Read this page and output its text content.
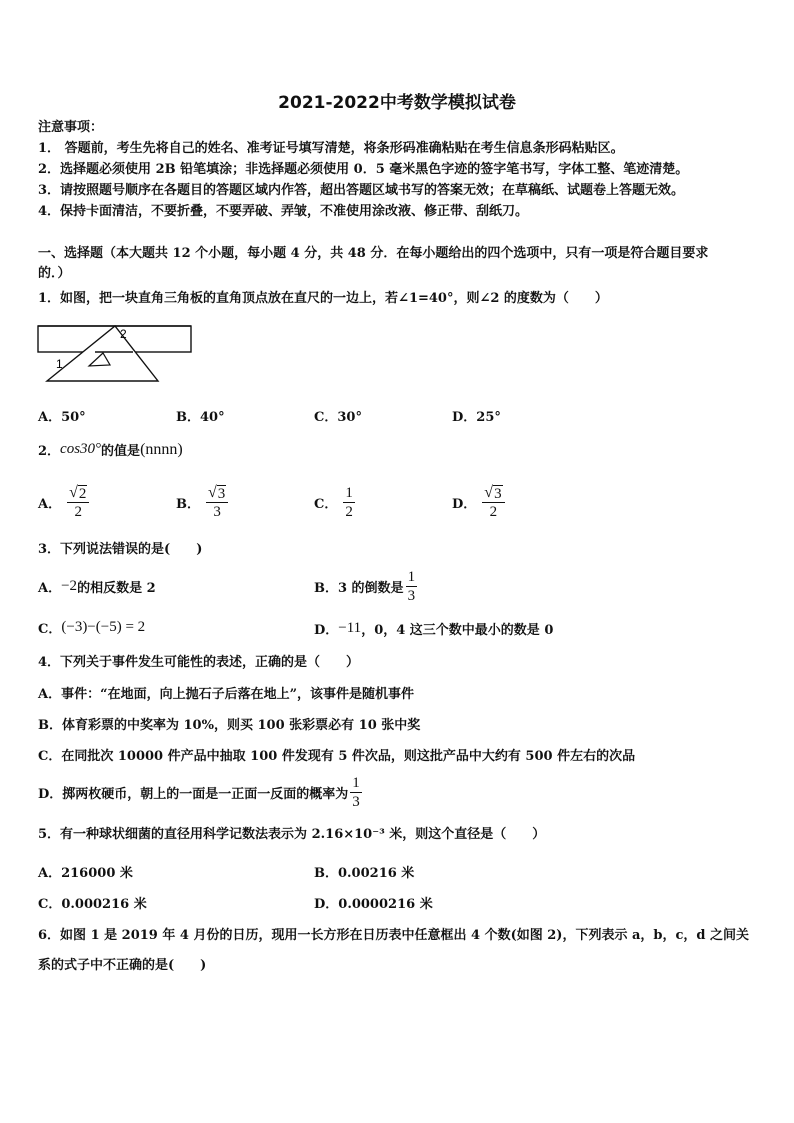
2021-2022中考数学模拟试卷
注意事项：
1． 答题前，考生先将自己的姓名、准考证号填写清楚，将条形码准确粘贴在考生信息条形码粘贴区。
2．选择题必须使用 2B 铅笔填涂；非选择题必须使用 0．5 毫米黑色字迹的签字笔书写，字体工整、笔迹清楚。
3．请按照题号顺序在各题目的答题区域内作答，超出答题区域书写的答案无效；在草稿纸、试题卷上答题无效。
4．保持卡面清洁，不要折叠，不要弄破、弄皱，不准使用涂改液、修正带、刮纸刀。
一、选择题（本大题共 12 个小题，每小题 4 分，共 48 分．在每小题给出的四个选项中，只有一项是符合题目要求
的．）
1．如图，把一块直角三角板的直角顶点放在直尺的一边上，若∠1=40°，则∠2 的度数为（　　）
2
1
A．50°	B．40°	C．30°	D．25°
2． cos30° 的值是 (nnnn)
A． $\frac{√ 2}{2}$	B． $\frac{√ 3}{3}$	C． $\frac{1}{2}$	D． $\frac{√ 3}{2}$
3．下列说法错误的是(　　)
A． −2 的相反数是 2	B．3 的倒数是 $\frac{1}{3}$
C． (−3)−(−5) = 2	D． −11 ，0，4 这三个数中最小的数是 0
4．下列关于事件发生可能性的表述，正确的是（　　）
A．事件：“在地面，向上抛石子后落在地上”，该事件是随机事件
B．体育彩票的中奖率为 10%，则买 100 张彩票必有 10 张中奖
C．在同批次 10000 件产品中抽取 100 件发现有 5 件次品，则这批产品中大约有 500 件左右的次品
D．掷两枚硬币，朝上的一面是一正面一反面的概率为 $\frac{1}{3}$
5．有一种球状细菌的直径用科学记数法表示为 2.16×10⁻³ 米，则这个直径是（　　）
A．216000 米	B．0.00216 米
C．0.000216 米	D．0.0000216 米
6．如图 1 是 2019 年 4 月份的日历，现用一长方形在日历表中任意框出 4 个数(如图 2)，下列表示 a，b，c，d 之间关
系的式子中不正确的是(　　)
